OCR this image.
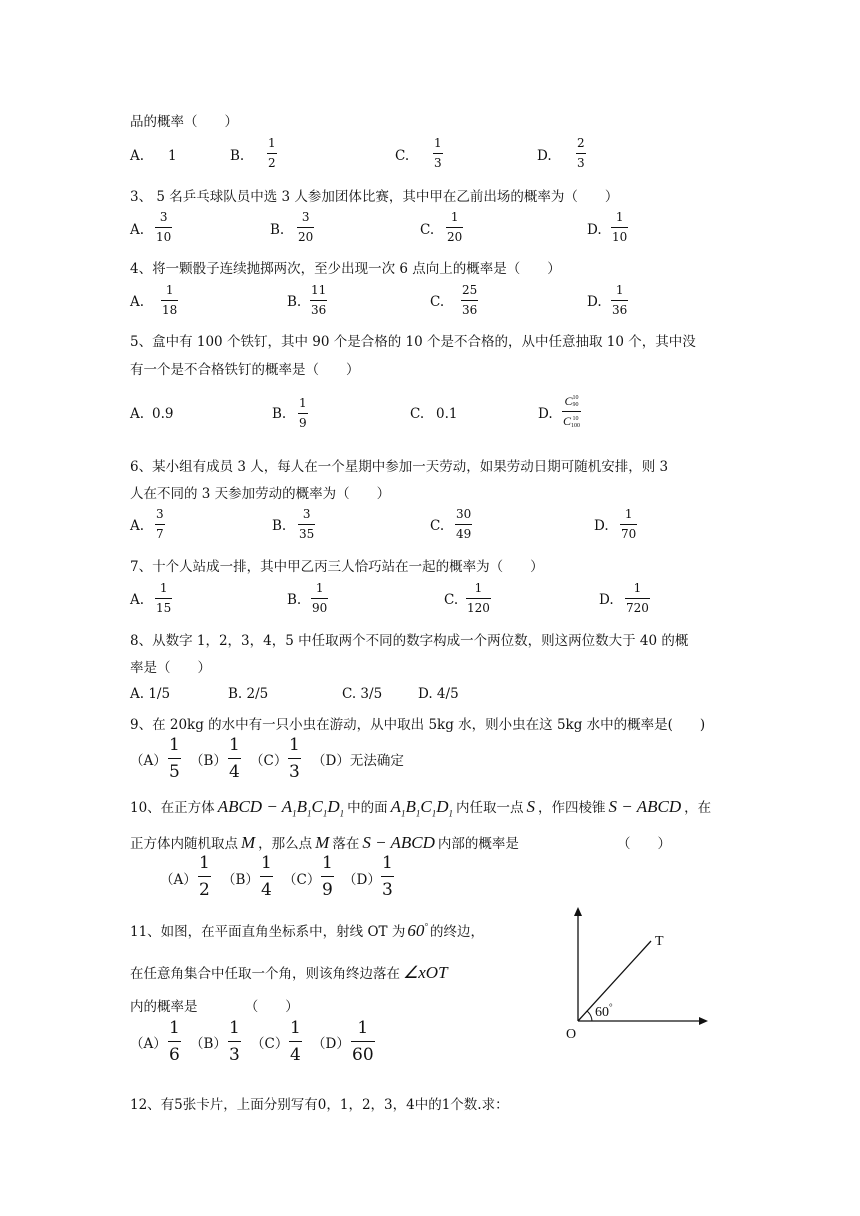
品的概率（　　）
A. 1	B.
1
2	C.
1
3	D.
2
3
3、 5 名乒乓球队员中选 3 人参加团体比赛，其中甲在乙前出场的概率为（　　）
A.
3
10	B.
3
20	C.
1
20	D.
1
10
4、将一颗骰子连续抛掷两次，至少出现一次 6 点向上的概率是（　　）
A.
1
18	B.
11
36	C.
25
36	D.
1
36
5、盒中有 100 个铁钉，其中 90 个是合格的 10 个是不合格的，从中任意抽取 10 个，其中没
有一个是不合格铁钉的概率是（　　）
A. 0.9	B.
1
9
C. 0.1	D.
C 10
90
C 10
100
6、某小组有成员 3 人，每人在一个星期中参加一天劳动，如果劳动日期可随机安排，则 3
人在不同的 3 天参加劳动的概率为（　　）
A.
3
7	B.
3
35	C.
30
49	D.
1
70
7、十个人站成一排，其中甲乙丙三人恰巧站在一起的概率为（　　）
A.
1
15	B.
1
90	C.
1
120	D.
1
720
8、从数字 1，2，3，4，5 中任取两个不同的数字构成一个两位数，则这两位数大于 40 的概
率是（　　）
A. 1/5	B. 2/5	C. 3/5	D. 4/5
9、在 20kg 的水中有一只小虫在游动，从中取出 5kg 水，则小虫在这 5kg 水中的概率是(　　)
（A）
1
5
（B）
1
4
（C）
1
3
（D）无法确定
10、在正方体 ABCD − $A_1B_1C_1D_1$ 中的面 $A_1B_1C_1D_1$ 内任取一点 S ，作四棱锥 S − ABCD ，在
正方体内随机取点 M ，那么点 M 落在 S − ABCD 内部的概率是	（　　）
（A）
1
2 （B）
1
4 （C）
1
9 （D）
1
3
11、如图，在平面直角坐标系中，射线 OT 为 60° 的终边，
在任意角集合中任取一个角，则该角终边落在 ∠xOT
内的概率是　　　　（　　）
（A）
1
6
（B）
1
3
（C）
1
4
（D）
1
60
T
O
60°
12、有5张卡片，上面分别写有0，1，2，3，4中的1个数.求：
